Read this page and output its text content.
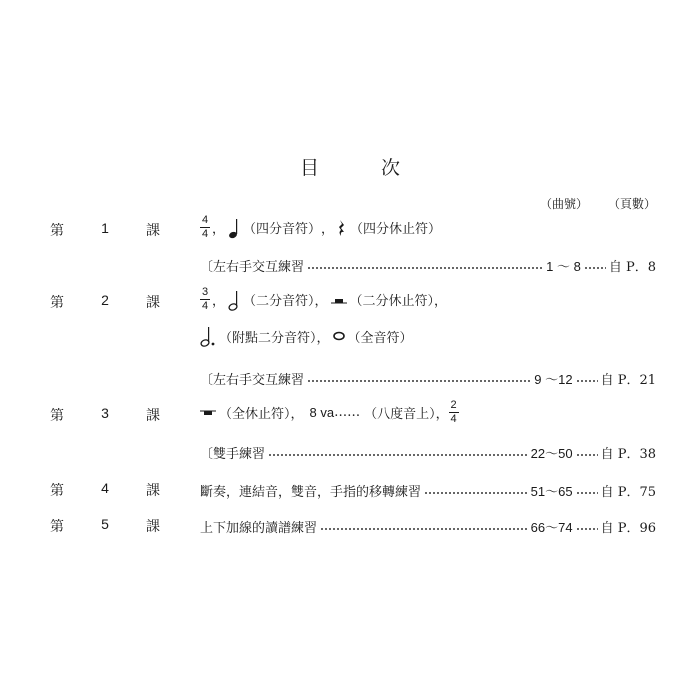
目	次
（曲號） （頁數）
第	1	課	$\frac{4}{4}$ ， （四分音符） ， （四分休止符）
〔左右手交互練習	1 ～ 8 自 P．8
第	2	課	$\frac{3}{4}$ ， （二分音符）， （二分休止符），
（附點二分音符）， （全音符）
〔左右手交互練習	9 ～12 自 P．21
第	3	課	（全休止符）， 8 va …… （八度音上）， $\frac{2}{4}$
〔雙手練習	22～50 自 P．38
第	4	課	斷奏，連結音，雙音，手指的移轉練習	51～65 自 P．75
第	5	課	上下加線的讀譜練習	66～74 自 P．96
